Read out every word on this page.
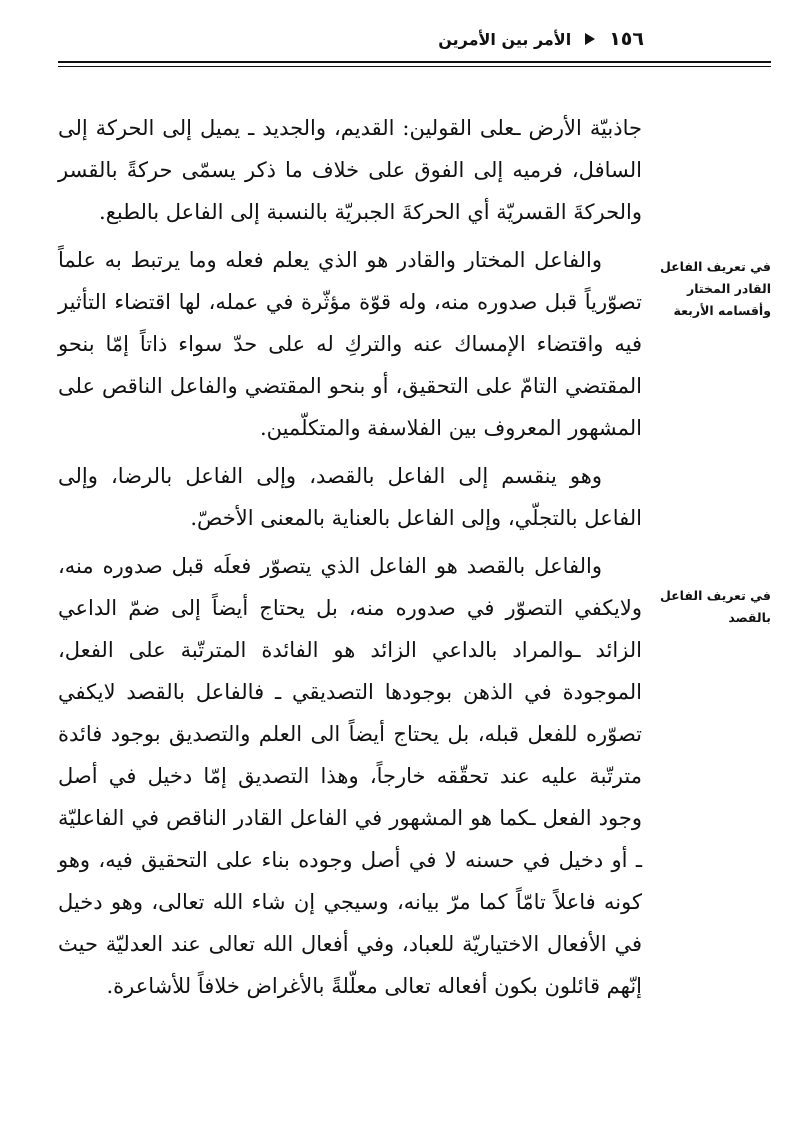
١٥٦
الأمر بين الأمرين

جاذبيّة الأرض ـعلى القولين: القديم، والجديد ـ يميل إلى الحركة إلى السافل، فرميه إلى الفوق على خلاف ما ذكر يسمّى حركةً بالقسر والحركةَ القسريّة أي الحركةَ الجبريّة بالنسبة إلى الفاعل بالطبع.

والفاعل المختار والقادر هو الذي يعلم فعله وما يرتبط به علماً تصوّرياً قبل صدوره منه، وله قوّة مؤثّرة في عمله، لها اقتضاء التأثير فيه واقتضاء الإمساك عنه والتركِ له على حدّ سواء ذاتاً إمّا بنحو المقتضي التامّ على التحقيق، أو بنحو المقتضي والفاعل الناقص على المشهور المعروف بين الفلاسفة والمتكلّمين.

وهو ينقسم إلى الفاعل بالقصد، وإلى الفاعل بالرضا، وإلى الفاعل بالتجلّي، وإلى الفاعل بالعناية بالمعنى الأخصّ.

والفاعل بالقصد هو الفاعل الذي يتصوّر فعلَه قبل صدوره منه، ولايكفي التصوّر في صدوره منه، بل يحتاج أيضاً إلى ضمّ الداعي الزائد ـوالمراد بالداعي الزائد هو الفائدة المترتّبة على الفعل، الموجودة في الذهن بوجودها التصديقي ـ فالفاعل بالقصد لايكفي تصوّره للفعل قبله، بل يحتاج أيضاً الى العلم والتصديق بوجود فائدة مترتّبة عليه عند تحقّقه خارجاً، وهذا التصديق إمّا دخيل في أصل وجود الفعل ـكما هو المشهور في الفاعل القادر الناقص في الفاعليّة ـ أو دخيل في حسنه لا في أصل وجوده بناء على التحقيق فيه، وهو كونه فاعلاً تامّاً كما مرّ بيانه، وسيجي إن شاء الله تعالى، وهو دخيل في الأفعال الاختياريّة للعباد، وفي أفعال الله تعالى عند العدليّة حيث إنّهم قائلون بكون أفعاله تعالى معلّلةً بالأغراض خلافاً للأشاعرة.

في تعريف الفاعل القادر المختار وأقسامه الأربعة
في تعريف الفاعل بالقصد
